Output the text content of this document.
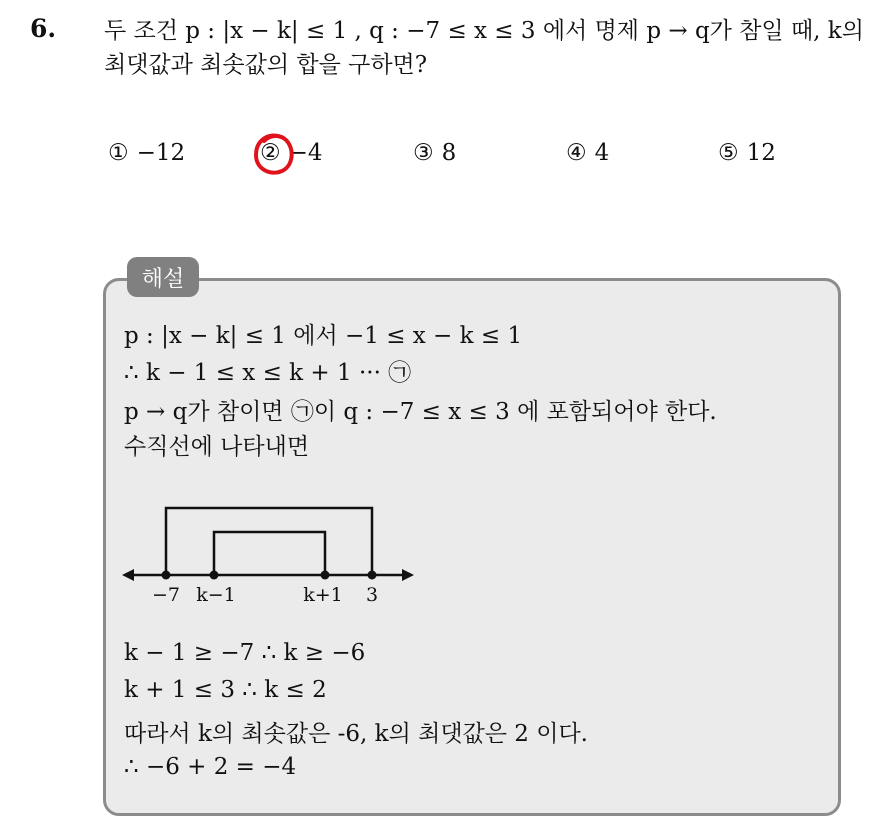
6. 두 조건 p : |x − k| ≤ 1 , q : −7 ≤ x ≤ 3 에서 명제 p → q가 참일 때, k의 최댓값과 최솟값의 합을 구하면?
① −12	② −4	③ 8	④ 4	⑤ 12
해설
p : |x − k| ≤ 1 에서 −1 ≤ x − k ≤ 1
∴ k − 1 ≤ x ≤ k + 1 ··· ㉠
p → q가 참이면 ㉠이 q : −7 ≤ x ≤ 3 에 포함되어야 한다.
수직선에 나타내면
−7 k−1	k+1 3
k − 1 ≥ −7 ∴ k ≥ −6
k + 1 ≤ 3 ∴ k ≤ 2
따라서 k의 최솟값은 -6, k의 최댓값은 2 이다.
∴ −6 + 2 = −4
